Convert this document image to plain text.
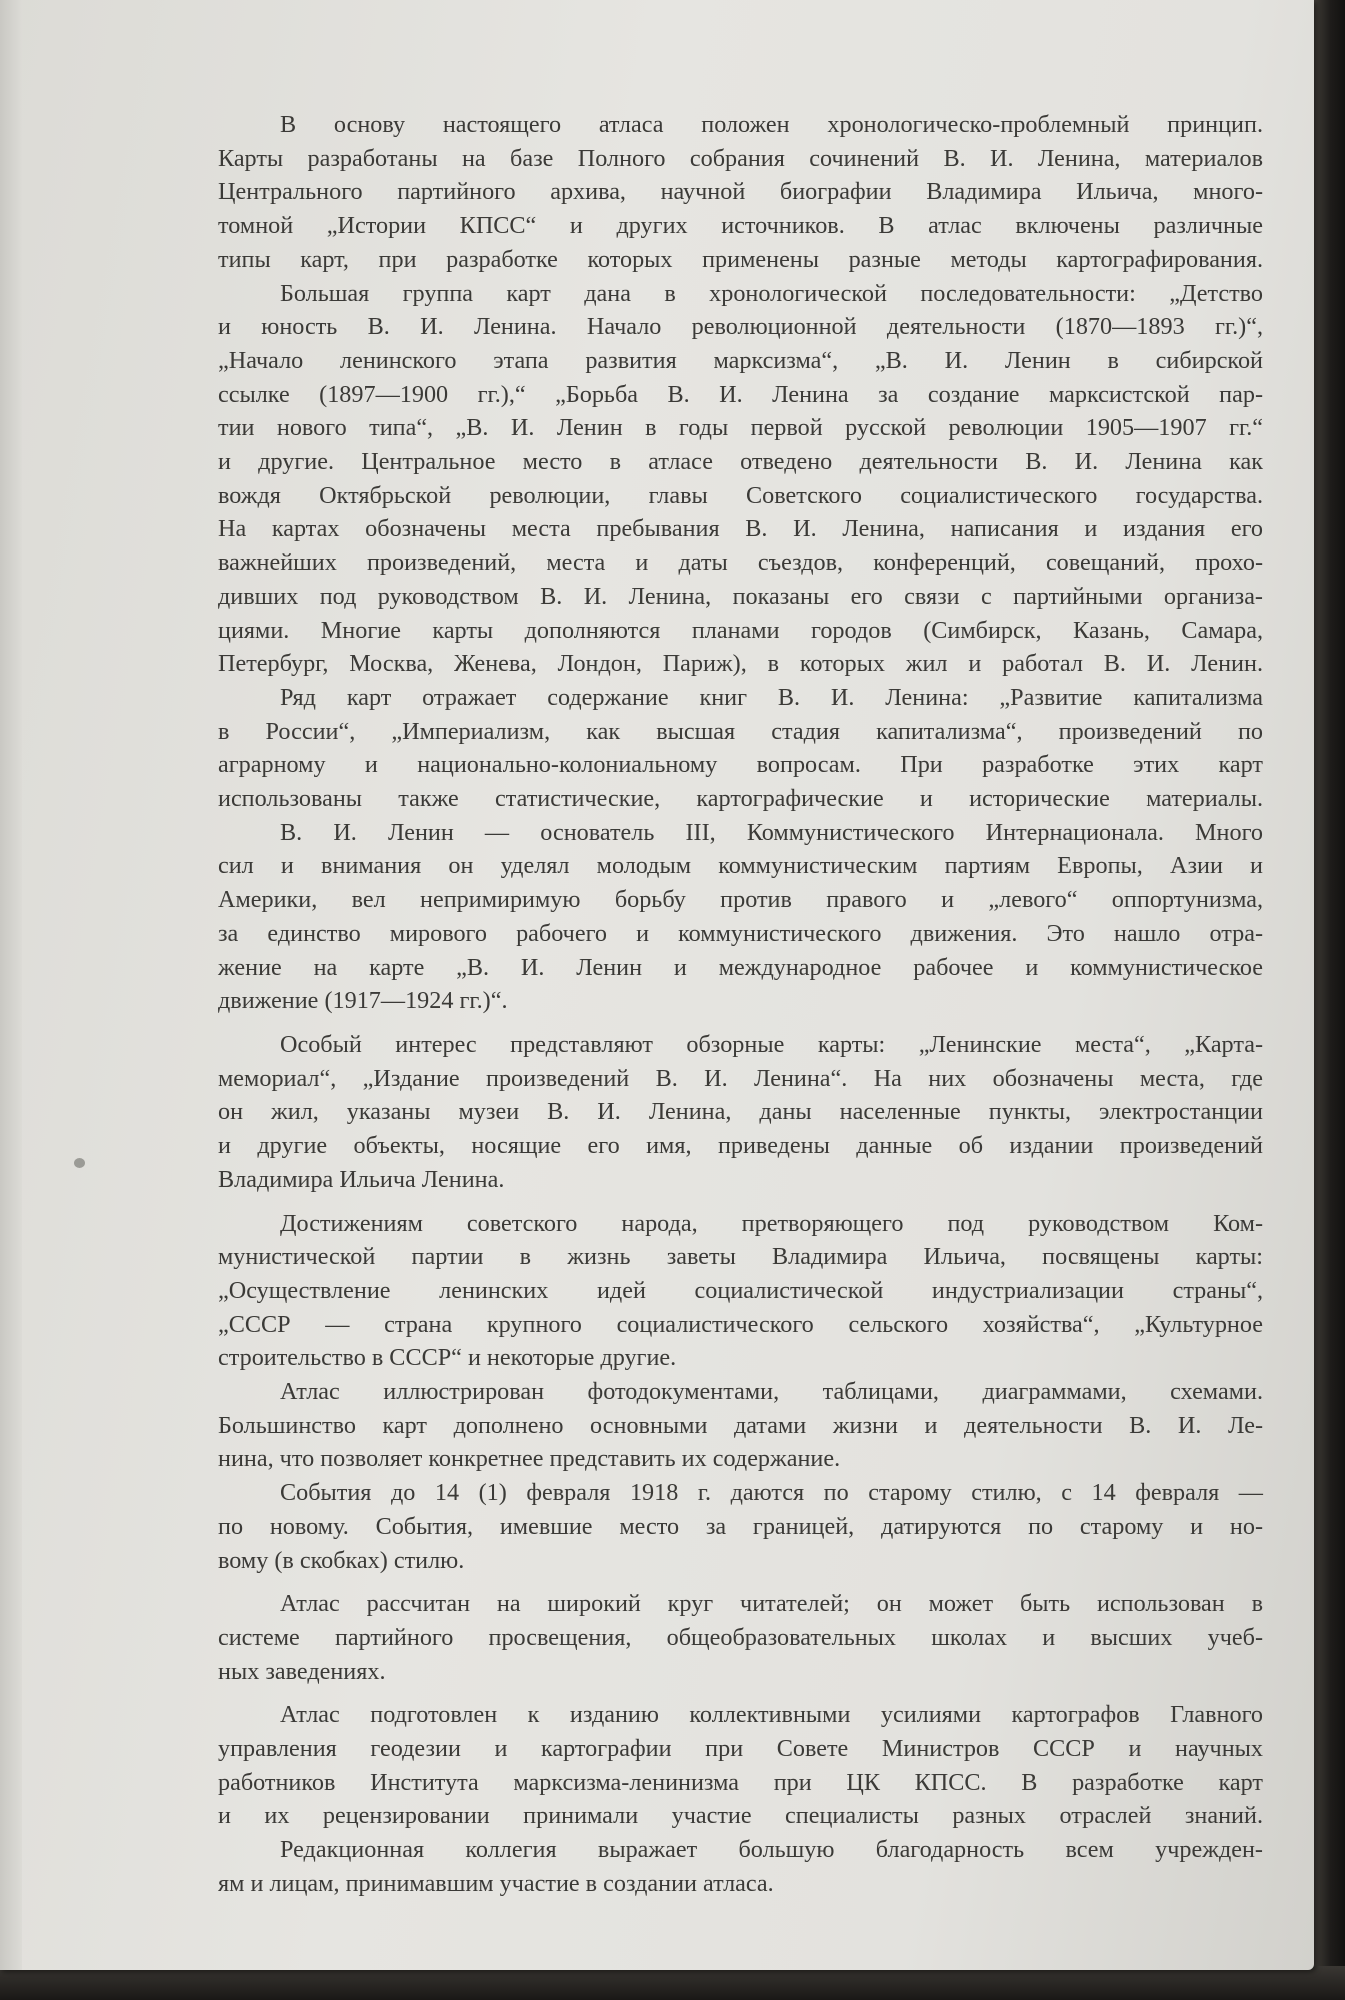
В основу настоящего атласа положен хронологическо-проблемный принцип.
Карты разработаны на базе Полного собрания сочинений В. И. Ленина, материалов
Центрального партийного архива, научной биографии Владимира Ильича, много-
томной „Истории КПСС“ и других источников. В атлас включены различные
типы карт, при разработке которых применены разные методы картографирования.

Большая группа карт дана в хронологической последовательности: „Детство
и юность В. И. Ленина. Начало революционной деятельности (1870—1893 гг.)“,
„Начало ленинского этапа развития марксизма“, „В. И. Ленин в сибирской
ссылке (1897—1900 гг.),“ „Борьба В. И. Ленина за создание марксистской пар-
тии нового типа“, „В. И. Ленин в годы первой русской революции 1905—1907 гг.“
и другие. Центральное место в атласе отведено деятельности В. И. Ленина как
вождя Октябрьской революции, главы Советского социалистического государства.
На картах обозначены места пребывания В. И. Ленина, написания и издания его
важнейших произведений, места и даты съездов, конференций, совещаний, прохо-
дивших под руководством В. И. Ленина, показаны его связи с партийными организа-
циями. Многие карты дополняются планами городов (Симбирск, Казань, Самара,
Петербург, Москва, Женева, Лондон, Париж), в которых жил и работал В. И. Ленин.

Ряд карт отражает содержание книг В. И. Ленина: „Развитие капитализма
в России“, „Империализм, как высшая стадия капитализма“, произведений по
аграрному и национально-колониальному вопросам. При разработке этих карт
использованы также статистические, картографические и исторические материалы.

В. И. Ленин — основатель III, Коммунистического Интернационала. Много
сил и внимания он уделял молодым коммунистическим партиям Европы, Азии и
Америки, вел непримиримую борьбу против правого и „левого“ оппортунизма,
за единство мирового рабочего и коммунистического движения. Это нашло отра-
жение на карте „В. И. Ленин и международное рабочее и коммунистическое
движение (1917—1924 гг.)“.

Особый интерес представляют обзорные карты: „Ленинские места“, „Карта-
мемориал“, „Издание произведений В. И. Ленина“. На них обозначены места, где
он жил, указаны музеи В. И. Ленина, даны населенные пункты, электростанции
и другие объекты, носящие его имя, приведены данные об издании произведений
Владимира Ильича Ленина.

Достижениям советского народа, претворяющего под руководством Ком-
мунистической партии в жизнь заветы Владимира Ильича, посвящены карты:
„Осуществление ленинских идей социалистической индустриализации страны“,
„СССР — страна крупного социалистического сельского хозяйства“, „Культурное
строительство в СССР“ и некоторые другие.

Атлас иллюстрирован фотодокументами, таблицами, диаграммами, схемами.
Большинство карт дополнено основными датами жизни и деятельности В. И. Ле-
нина, что позволяет конкретнее представить их содержание.

События до 14 (1) февраля 1918 г. даются по старому стилю, с 14 февраля —
по новому. События, имевшие место за границей, датируются по старому и но-
вому (в скобках) стилю.

Атлас рассчитан на широкий круг читателей; он может быть использован в
системе партийного просвещения, общеобразовательных школах и высших учеб-
ных заведениях.

Атлас подготовлен к изданию коллективными усилиями картографов Главного
управления геодезии и картографии при Совете Министров СССР и научных
работников Института марксизма-ленинизма при ЦК КПСС. В разработке карт
и их рецензировании принимали участие специалисты разных отраслей знаний.

Редакционная коллегия выражает большую благодарность всем учрежден-
ям и лицам, принимавшим участие в создании атласа.
